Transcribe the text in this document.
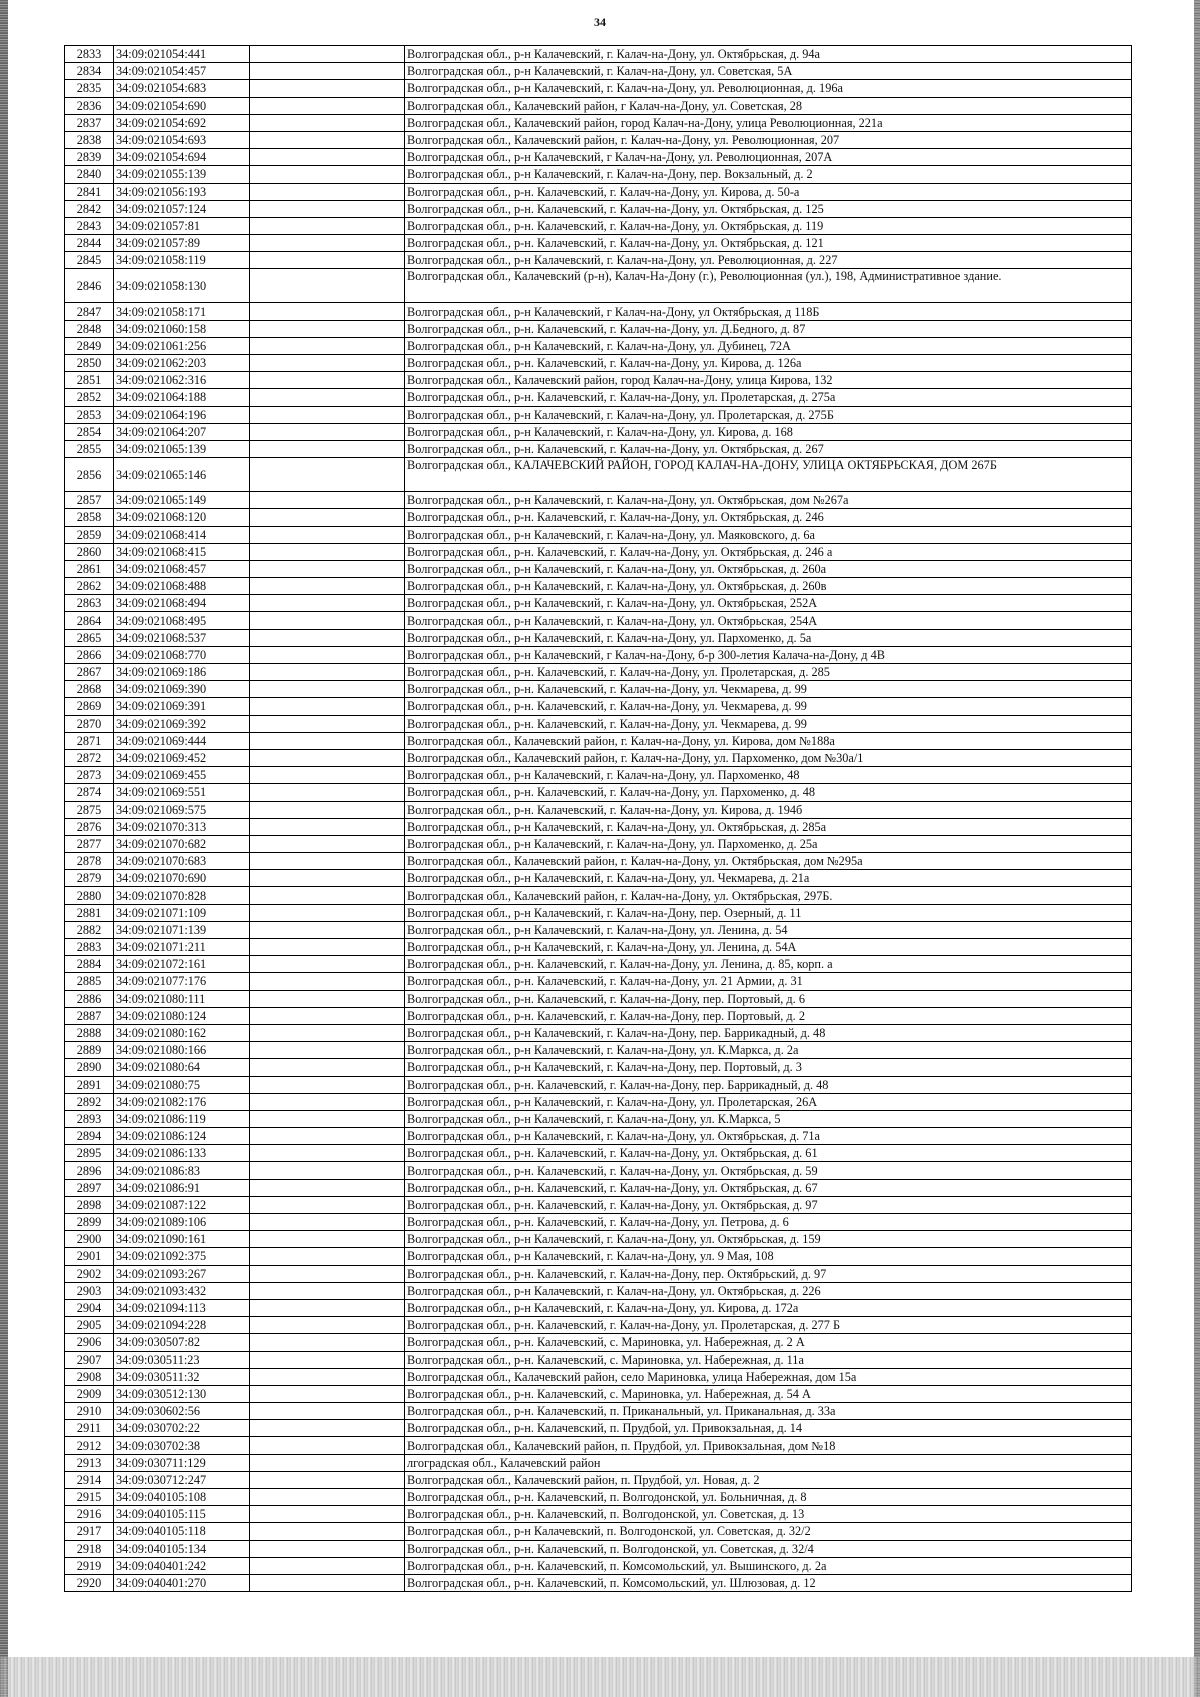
34
2833	34:09:021054:441		Волгоградская обл., р-н Калачевский, г. Калач-на-Дону, ул. Октябрьская, д. 94а
2834	34:09:021054:457		Волгоградская обл., р-н Калачевский, г. Калач-на-Дону, ул. Советская, 5А
2835	34:09:021054:683		Волгоградская обл., р-н Калачевский, г. Калач-на-Дону, ул. Революционная, д. 196а
2836	34:09:021054:690		Волгоградская обл., Калачевский район, г Калач-на-Дону, ул. Советская, 28
2837	34:09:021054:692		Волгоградская обл., Калачевский район, город Калач-на-Дону, улица Революционная, 221а
2838	34:09:021054:693		Волгоградская обл., Калачевский район, г. Калач-на-Дону, ул. Революционная, 207
2839	34:09:021054:694		Волгоградская обл., р-н Калачевский, г Калач-на-Дону, ул. Революционная, 207А
2840	34:09:021055:139		Волгоградская обл., р-н Калачевский, г. Калач-на-Дону, пер. Вокзальный, д. 2
2841	34:09:021056:193		Волгоградская обл., р-н. Калачевский, г. Калач-на-Дону, ул. Кирова, д. 50-а
2842	34:09:021057:124		Волгоградская обл., р-н. Калачевский, г. Калач-на-Дону, ул. Октябрьская, д. 125
2843	34:09:021057:81		Волгоградская обл., р-н. Калачевский, г. Калач-на-Дону, ул. Октябрьская, д. 119
2844	34:09:021057:89		Волгоградская обл., р-н. Калачевский, г. Калач-на-Дону, ул. Октябрьская, д. 121
2845	34:09:021058:119		Волгоградская обл., р-н Калачевский, г. Калач-на-Дону, ул. Революционная, д. 227
2846	34:09:021058:130		Волгоградская обл., Калачевский (р-н), Калач-На-Дону (г.), Революционная (ул.), 198, Административное здание.
2847	34:09:021058:171		Волгоградская обл., р-н Калачевский, г Калач-на-Дону, ул Октябрьская, д 118Б
2848	34:09:021060:158		Волгоградская обл., р-н. Калачевский, г. Калач-на-Дону, ул. Д.Бедного, д. 87
2849	34:09:021061:256		Волгоградская обл., р-н Калачевский, г. Калач-на-Дону, ул. Дубинец, 72А
2850	34:09:021062:203		Волгоградская обл., р-н. Калачевский, г. Калач-на-Дону, ул. Кирова, д. 126а
2851	34:09:021062:316		Волгоградская обл., Калачевский район, город Калач-на-Дону, улица Кирова, 132
2852	34:09:021064:188		Волгоградская обл., р-н. Калачевский, г. Калач-на-Дону, ул. Пролетарская, д. 275а
2853	34:09:021064:196		Волгоградская обл., р-н Калачевский, г. Калач-на-Дону, ул. Пролетарская, д. 275Б
2854	34:09:021064:207		Волгоградская обл., р-н Калачевский, г. Калач-на-Дону, ул. Кирова, д. 168
2855	34:09:021065:139		Волгоградская обл., р-н. Калачевский, г. Калач-на-Дону, ул. Октябрьская, д. 267
2856	34:09:021065:146		Волгоградская обл., КАЛАЧЕВСКИЙ РАЙОН, ГОРОД КАЛАЧ-НА-ДОНУ, УЛИЦА ОКТЯБРЬСКАЯ, ДОМ 267Б
2857	34:09:021065:149		Волгоградская обл., р-н Калачевский, г. Калач-на-Дону, ул. Октябрьская, дом №267а
2858	34:09:021068:120		Волгоградская обл., р-н. Калачевский, г. Калач-на-Дону, ул. Октябрьская, д. 246
2859	34:09:021068:414		Волгоградская обл., р-н Калачевский, г. Калач-на-Дону, ул. Маяковского, д. 6а
2860	34:09:021068:415		Волгоградская обл., р-н. Калачевский, г. Калач-на-Дону, ул. Октябрьская, д. 246 а
2861	34:09:021068:457		Волгоградская обл., р-н Калачевский, г. Калач-на-Дону, ул. Октябрьская, д. 260а
2862	34:09:021068:488		Волгоградская обл., р-н Калачевский, г. Калач-на-Дону, ул. Октябрьская, д. 260в
2863	34:09:021068:494		Волгоградская обл., р-н Калачевский, г. Калач-на-Дону, ул. Октябрьская, 252А
2864	34:09:021068:495		Волгоградская обл., р-н Калачевский, г. Калач-на-Дону, ул. Октябрьская, 254А
2865	34:09:021068:537		Волгоградская обл., р-н Калачевский, г. Калач-на-Дону, ул. Пархоменко, д. 5а
2866	34:09:021068:770		Волгоградская обл., р-н Калачевский, г Калач-на-Дону, б-р 300-летия Калача-на-Дону, д 4В
2867	34:09:021069:186		Волгоградская обл., р-н. Калачевский, г. Калач-на-Дону, ул. Пролетарская, д. 285
2868	34:09:021069:390		Волгоградская обл., р-н. Калачевский, г. Калач-на-Дону, ул. Чекмарева, д. 99
2869	34:09:021069:391		Волгоградская обл., р-н. Калачевский, г. Калач-на-Дону, ул. Чекмарева, д. 99
2870	34:09:021069:392		Волгоградская обл., р-н. Калачевский, г. Калач-на-Дону, ул. Чекмарева, д. 99
2871	34:09:021069:444		Волгоградская обл., Калачевский район, г. Калач-на-Дону, ул. Кирова, дом №188а
2872	34:09:021069:452		Волгоградская обл., Калачевский район, г. Калач-на-Дону, ул. Пархоменко, дом №30а/1
2873	34:09:021069:455		Волгоградская обл., р-н Калачевский, г. Калач-на-Дону, ул. Пархоменко, 48
2874	34:09:021069:551		Волгоградская обл., р-н. Калачевский, г. Калач-на-Дону, ул. Пархоменко, д. 48
2875	34:09:021069:575		Волгоградская обл., р-н. Калачевский, г. Калач-на-Дону, ул. Кирова, д. 194б
2876	34:09:021070:313		Волгоградская обл., р-н Калачевский, г. Калач-на-Дону, ул. Октябрьская, д. 285а
2877	34:09:021070:682		Волгоградская обл., р-н Калачевский, г. Калач-на-Дону, ул. Пархоменко, д. 25а
2878	34:09:021070:683		Волгоградская обл., Калачевский район, г. Калач-на-Дону, ул. Октябрьская, дом №295а
2879	34:09:021070:690		Волгоградская обл., р-н Калачевский, г. Калач-на-Дону, ул. Чекмарева, д. 21а
2880	34:09:021070:828		Волгоградская обл., Калачевский район, г. Калач-на-Дону, ул. Октябрьская, 297Б.
2881	34:09:021071:109		Волгоградская обл., р-н Калачевский, г. Калач-на-Дону, пер. Озерный, д. 11
2882	34:09:021071:139		Волгоградская обл., р-н Калачевский, г. Калач-на-Дону, ул. Ленина, д. 54
2883	34:09:021071:211		Волгоградская обл., р-н Калачевский, г. Калач-на-Дону, ул. Ленина, д. 54А
2884	34:09:021072:161		Волгоградская обл., р-н. Калачевский, г. Калач-на-Дону, ул. Ленина, д. 85, корп. а
2885	34:09:021077:176		Волгоградская обл., р-н. Калачевский, г. Калач-на-Дону, ул. 21 Армии, д. 31
2886	34:09:021080:111		Волгоградская обл., р-н. Калачевский, г. Калач-на-Дону, пер. Портовый, д. 6
2887	34:09:021080:124		Волгоградская обл., р-н. Калачевский, г. Калач-на-Дону, пер. Портовый, д. 2
2888	34:09:021080:162		Волгоградская обл., р-н Калачевский, г. Калач-на-Дону, пер. Баррикадный, д. 48
2889	34:09:021080:166		Волгоградская обл., р-н Калачевский, г. Калач-на-Дону, ул. К.Маркса, д. 2а
2890	34:09:021080:64		Волгоградская обл., р-н Калачевский, г. Калач-на-Дону, пер. Портовый, д. 3
2891	34:09:021080:75		Волгоградская обл., р-н. Калачевский, г. Калач-на-Дону, пер. Баррикадный, д. 48
2892	34:09:021082:176		Волгоградская обл., р-н Калачевский, г. Калач-на-Дону, ул. Пролетарская, 26А
2893	34:09:021086:119		Волгоградская обл., р-н Калачевский, г. Калач-на-Дону, ул. К.Маркса, 5
2894	34:09:021086:124		Волгоградская обл., р-н Калачевский, г. Калач-на-Дону, ул. Октябрьская, д. 71а
2895	34:09:021086:133		Волгоградская обл., р-н. Калачевский, г. Калач-на-Дону, ул. Октябрьская, д. 61
2896	34:09:021086:83		Волгоградская обл., р-н. Калачевский, г. Калач-на-Дону, ул. Октябрьская, д. 59
2897	34:09:021086:91		Волгоградская обл., р-н. Калачевский, г. Калач-на-Дону, ул. Октябрьская, д. 67
2898	34:09:021087:122		Волгоградская обл., р-н. Калачевский, г. Калач-на-Дону, ул. Октябрьская, д. 97
2899	34:09:021089:106		Волгоградская обл., р-н. Калачевский, г. Калач-на-Дону, ул. Петрова, д. 6
2900	34:09:021090:161		Волгоградская обл., р-н Калачевский, г. Калач-на-Дону, ул. Октябрьская, д. 159
2901	34:09:021092:375		Волгоградская обл., р-н Калачевский, г. Калач-на-Дону, ул. 9 Мая, 108
2902	34:09:021093:267		Волгоградская обл., р-н. Калачевский, г. Калач-на-Дону, пер. Октябрьский, д. 97
2903	34:09:021093:432		Волгоградская обл., р-н Калачевский, г. Калач-на-Дону, ул. Октябрьская, д. 226
2904	34:09:021094:113		Волгоградская обл., р-н Калачевский, г. Калач-на-Дону, ул. Кирова, д. 172а
2905	34:09:021094:228		Волгоградская обл., р-н. Калачевский, г. Калач-на-Дону, ул. Пролетарская, д. 277 Б
2906	34:09:030507:82		Волгоградская обл., р-н. Калачевский, с. Мариновка, ул. Набережная, д. 2 А
2907	34:09:030511:23		Волгоградская обл., р-н. Калачевский, с. Мариновка, ул. Набережная, д. 11а
2908	34:09:030511:32		Волгоградская обл., Калачевский район, село Мариновка, улица Набережная, дом 15а
2909	34:09:030512:130		Волгоградская обл., р-н. Калачевский, с. Мариновка, ул. Набережная, д. 54 А
2910	34:09:030602:56		Волгоградская обл., р-н. Калачевский, п. Приканальный, ул. Приканальная, д. 33а
2911	34:09:030702:22		Волгоградская обл., р-н. Калачевский, п. Прудбой, ул. Привокзальная, д. 14
2912	34:09:030702:38		Волгоградская обл., Калачевский район, п. Прудбой, ул. Привокзальная, дом №18
2913	34:09:030711:129		лгоградская обл., Калачевский район
2914	34:09:030712:247		Волгоградская обл., Калачевский район, п. Прудбой, ул. Новая, д. 2
2915	34:09:040105:108		Волгоградская обл., р-н. Калачевский, п. Волгодонской, ул. Больничная, д. 8
2916	34:09:040105:115		Волгоградская обл., р-н. Калачевский, п. Волгодонской, ул. Советская, д. 13
2917	34:09:040105:118		Волгоградская обл., р-н Калачевский, п. Волгодонской, ул. Советская, д. 32/2
2918	34:09:040105:134		Волгоградская обл., р-н. Калачевский, п. Волгодонской, ул. Советская, д. 32/4
2919	34:09:040401:242		Волгоградская обл., р-н. Калачевский, п. Комсомольский, ул. Вышинского, д. 2а
2920	34:09:040401:270		Волгоградская обл., р-н. Калачевский, п. Комсомольский, ул. Шлюзовая, д. 12
